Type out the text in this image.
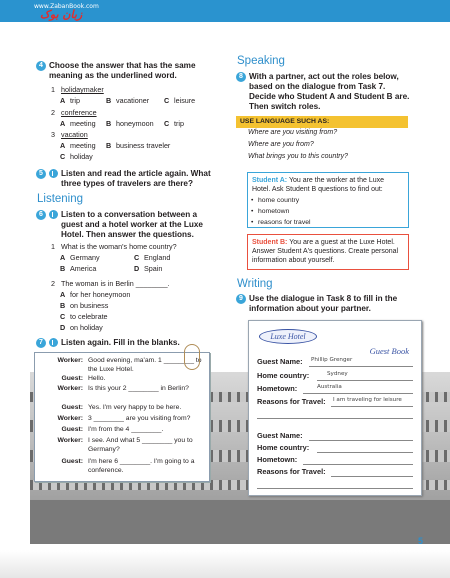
www.ZabanBook.com
زبان بوک
4 Choose the answer that has the same meaning as the underlined word.
1 holidaymaker
A trip	B vacationer C leisure
2 conference
A meeting B honeymoon C trip
3 vacation
A meeting B business traveler
C holiday
5 Listen and read the article again. What three types of travelers are there?
Listening
6 Listen to a conversation between a guest and a hotel worker at the Luxe Hotel. Then answer the questions.
1 What is the woman's home country?
A Germany	C England
B America	D Spain
2 The woman is in Berlin ________.
A for her honeymoon
B on business
C to celebrate
D on holiday
7 Listen again. Fill in the blanks.
Worker: Good evening, ma'am. 1 ________ to the Luxe Hotel.
Guest: Hello.
Worker: Is this your 2 ________ in Berlin?
Guest: Yes. I'm very happy to be here.
Worker: 3 ________ are you visiting from?
Guest: I'm from the 4 ________.
Worker: I see. And what 5 ________ you to Germany?
Guest: I'm here 6 ________. I'm going to a conference.
Speaking
8 With a partner, act out the roles below, based on the dialogue from Task 7. Decide who Student A and Student B are. Then switch roles.
USE LANGUAGE SUCH AS:
Where are you visiting from?
Where are you from?
What brings you to this country?
Student A: You are the worker at the Luxe Hotel. Ask Student B questions to find out:
• home country
• hometown
• reasons for travel
Student B: You are a guest at the Luxe Hotel. Answer Student A's questions. Create personal information about yourself.
Writing
9 Use the dialogue in Task 8 to fill in the information about your partner.
Luxe Hotel
Guest Book
Guest Name: Phillip Grenger
Home country:	Sydney
Hometown:	Australia
Reasons for Travel: I am traveling for leisure
Guest Name:
Home country:
Hometown:
Reasons for Travel:
5
